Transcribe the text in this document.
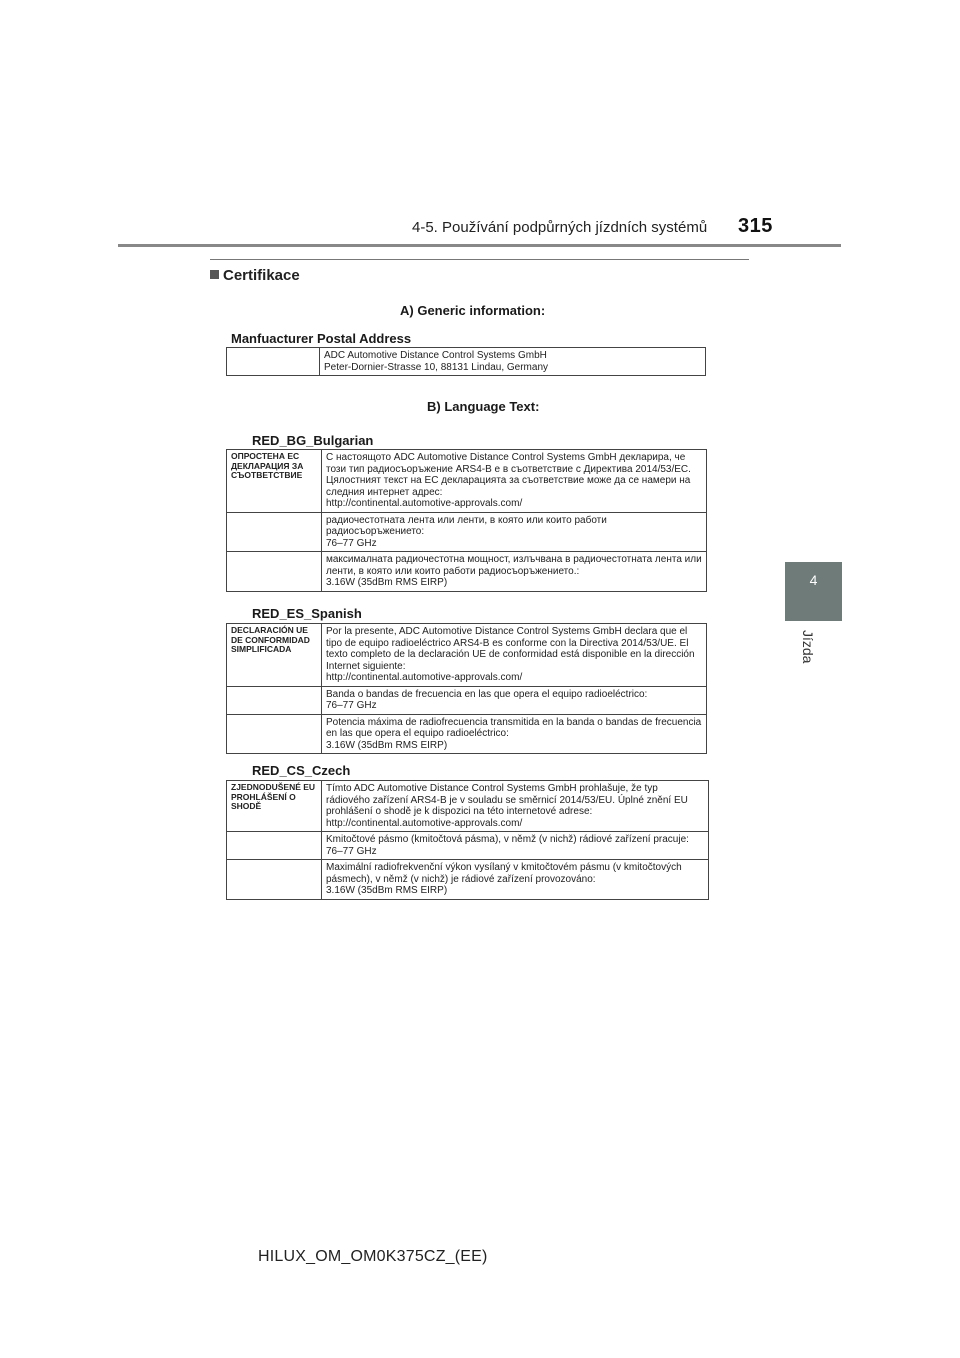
4-5. Používání podpůrných jízdních systémů 315
4
Jízda
Certifikace
A) Generic information:
Manfuacturer Postal Address

ADC Automotive Distance Control Systems GmbH
Peter-Dornier-Strasse 10, 88131 Lindau, Germany
B) Language Text:
RED_BG_Bulgarian
ОПРОСТЕНА ЕС ДЕКЛАРАЦИЯ ЗА СЪОТВЕТСТВИЕ	С настоящото ADC Automotive Distance Control Systems GmbH декларира, че този тип радиосъоръжение ARS4-B е в съответствие с Директива 2014/53/ЕС. Цялостният текст на ЕС декларацията за съответствие може да се намери на следния интернет адрес:
http://continental.automotive-approvals.com/

	радиочестотната лента или ленти, в която или които работи радиосъоръжението:
76–77 GHz

	максималната радиочестотна мощност, излъчвана в радиочестотната лента или ленти, в която или които работи радиосъоръжението.:
3.16W (35dBm RMS EIRP)
RED_ES_Spanish
DECLARACIÓN UE DE CONFORMIDAD SIMPLIFICADA	Por la presente, ADC Automotive Distance Control Systems GmbH declara que el tipo de equipo radioeléctrico ARS4-B es conforme con la Directiva 2014/53/UE. El texto completo de la declaración UE de conformidad está disponible en la dirección Internet siguiente:
http://continental.automotive-approvals.com/

	Banda o bandas de frecuencia en las que opera el equipo radioeléctrico:
76–77 GHz

	Potencia máxima de radiofrecuencia transmitida en la banda o bandas de frecuencia en las que opera el equipo radioeléctrico:
3.16W (35dBm RMS EIRP)
RED_CS_Czech
ZJEDNODUŠENÉ EU PROHLÁŠENÍ O SHODĚ	Tímto ADC Automotive Distance Control Systems GmbH prohlašuje, že typ rádiového zařízení ARS4-B je v souladu se směrnicí 2014/53/EU. Úplné znění EU prohlášení o shodě je k dispozici na této internetové adrese:
http://continental.automotive-approvals.com/

	Kmitočtové pásmo (kmitočtová pásma), v němž (v nichž) rádiové zařízení pracuje:
76–77 GHz

	Maximální radiofrekvenční výkon vysílaný v kmitočtovém pásmu (v kmitočtových pásmech), v němž (v nichž) je rádiové zařízení provozováno:
3.16W (35dBm RMS EIRP)
HILUX_OM_OM0K375CZ_(EE)
